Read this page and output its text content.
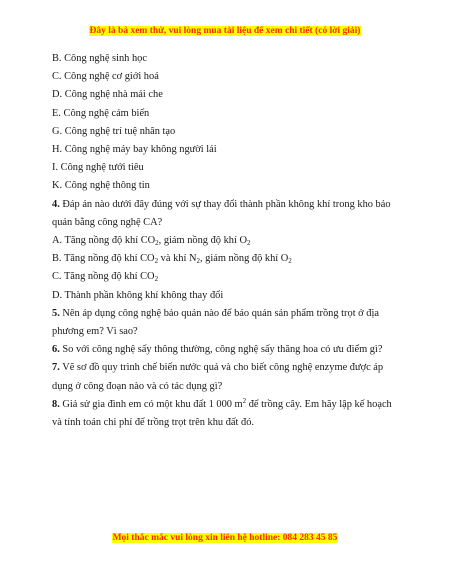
Đây là bả xem thử, vui lòng mua tài liệu để xem chi tiết (có lời giải)
B. Công nghệ sinh học
C. Công nghệ cơ giới hoá
D. Công nghệ nhà mái che
E. Công nghệ cảm biến
G. Công nghệ trí tuệ nhân tạo
H. Công nghệ máy bay không người lái
I. Công nghệ tưới tiêu
K. Công nghệ thông tin
4. Đáp án nào dưới đây đúng với sự thay đổi thành phần không khí trong kho bảo quản bằng công nghệ CA?
A. Tăng nồng độ khí $CO_2$, giảm nồng độ khí $O_2$
B. Tăng nồng độ khí $CO_2$ và khí $N_2$, giảm nồng độ khí $O_2$
C. Tăng nồng độ khí $CO_2$
D. Thành phần không khí không thay đổi
5. Nên áp dụng công nghệ bảo quản nào để bảo quản sản phẩm trồng trọt ở địa phương em? Vì sao?
6. So với công nghệ sấy thông thường, công nghệ sấy thăng hoa có ưu điểm gì?
7. Vẽ sơ đồ quy trình chế biến nước quả và cho biết công nghệ enzyme được áp dụng ở công đoạn nào và có tác dụng gì?
8. Giả sử gia đình em có một khu đất 1 000 $m^2$ để trồng cây. Em hãy lập kế hoạch và tính toán chi phí để trồng trọt trên khu đất đó.
Mọi thắc mắc vui lòng xin liên hệ hotline: 084 283 45 85
